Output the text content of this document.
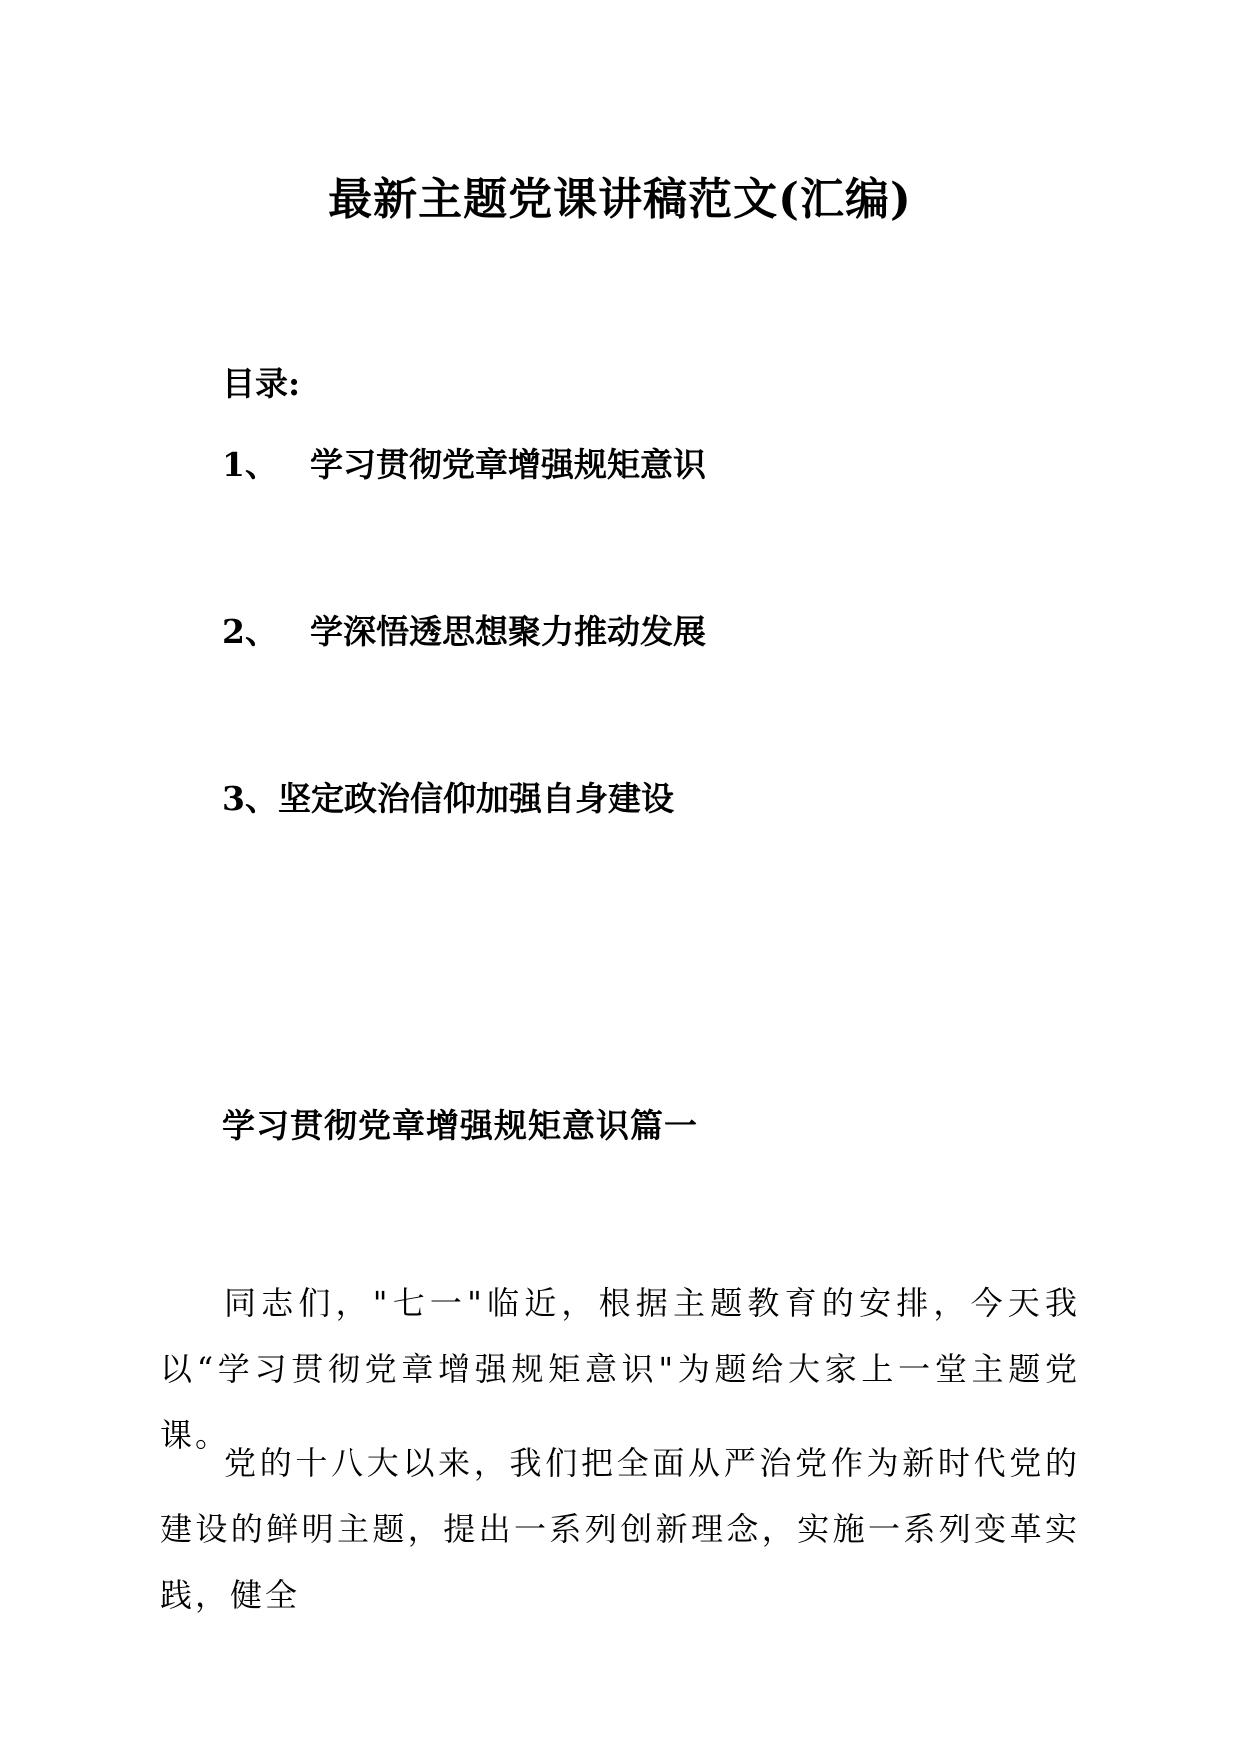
最新主题党课讲稿范文(汇编)
目录:
1、 学习贯彻党章增强规矩意识
2、 学深悟透思想聚力推动发展
3、坚定政治信仰加强自身建设
学习贯彻党章增强规矩意识篇一

同志们，"七一"临近，根据主题教育的安排，今天我以“学习贯彻党章增强规矩意识"为题给大家上一堂主题党课。

党的十八大以来，我们把全面从严治党作为新时代党的建设的鲜明主题，提出一系列创新理念，实施一系列变革实践，健全
